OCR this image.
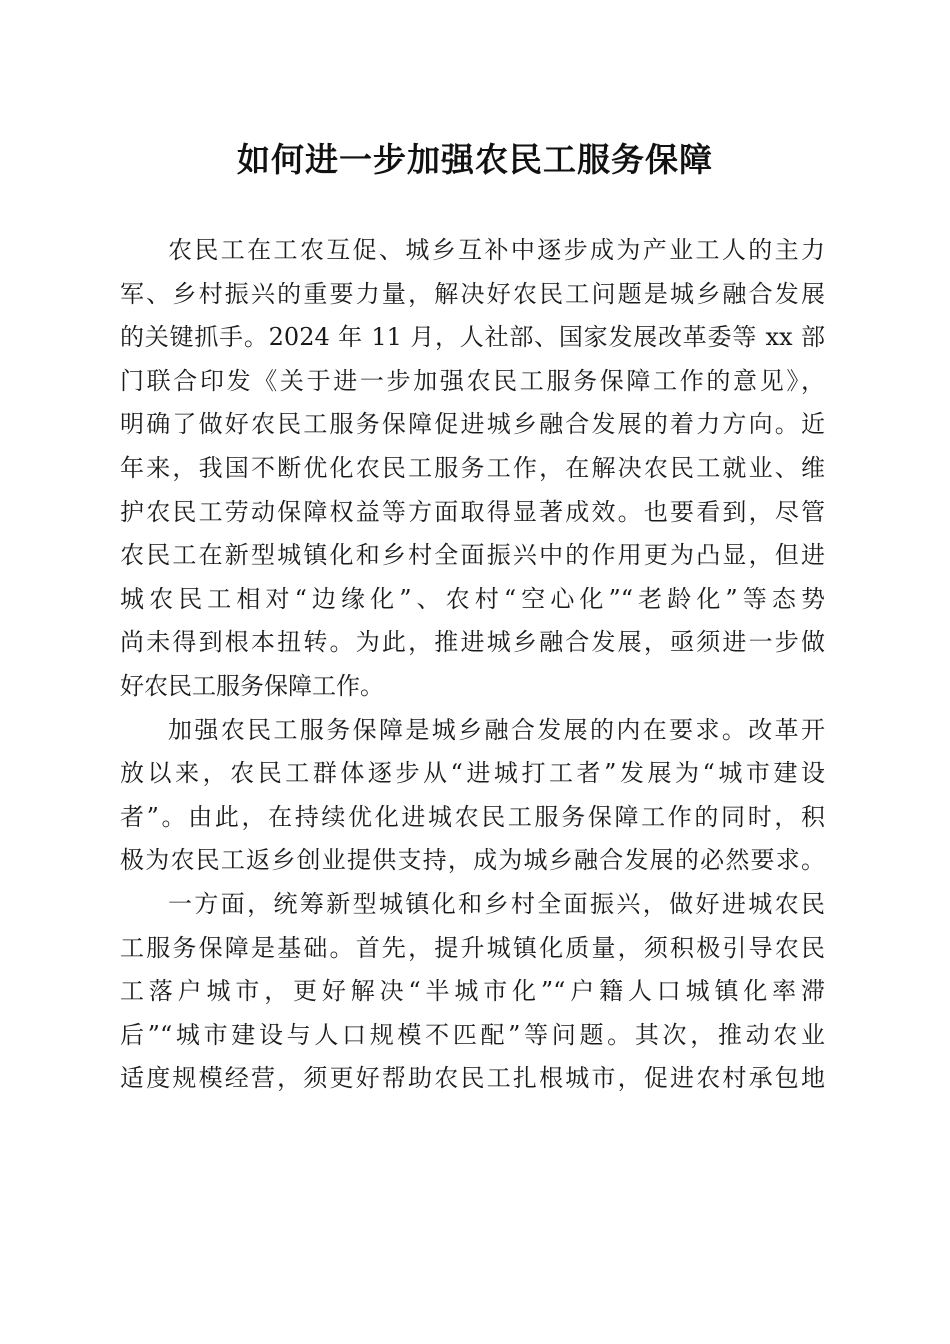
如何进一步加强农民工服务保障
农民工在工农互促、城乡互补中逐步成为产业工人的主力
军、乡村振兴的重要力量，解决好农民工问题是城乡融合发展
的关键抓手。2024 年 11 月，人社部、国家发展改革委等 xx 部
门联合印发《关于进一步加强农民工服务保障工作的意见》，
明确了做好农民工服务保障促进城乡融合发展的着力方向。近
年来，我国不断优化农民工服务工作，在解决农民工就业、维
护农民工劳动保障权益等方面取得显著成效。也要看到，尽管
农民工在新型城镇化和乡村全面振兴中的作用更为凸显，但进
城农民工相对“边缘化”、农村“空心化”“老龄化”等态势
尚未得到根本扭转。为此，推进城乡融合发展，亟须进一步做
好农民工服务保障工作。
加强农民工服务保障是城乡融合发展的内在要求。改革开
放以来，农民工群体逐步从“进城打工者”发展为“城市建设
者”。由此，在持续优化进城农民工服务保障工作的同时，积
极为农民工返乡创业提供支持，成为城乡融合发展的必然要求。
一方面，统筹新型城镇化和乡村全面振兴，做好进城农民
工服务保障是基础。首先，提升城镇化质量，须积极引导农民
工落户城市，更好解决“半城市化”“户籍人口城镇化率滞
后”“城市建设与人口规模不匹配”等问题。其次，推动农业
适度规模经营，须更好帮助农民工扎根城市，促进农村承包地
